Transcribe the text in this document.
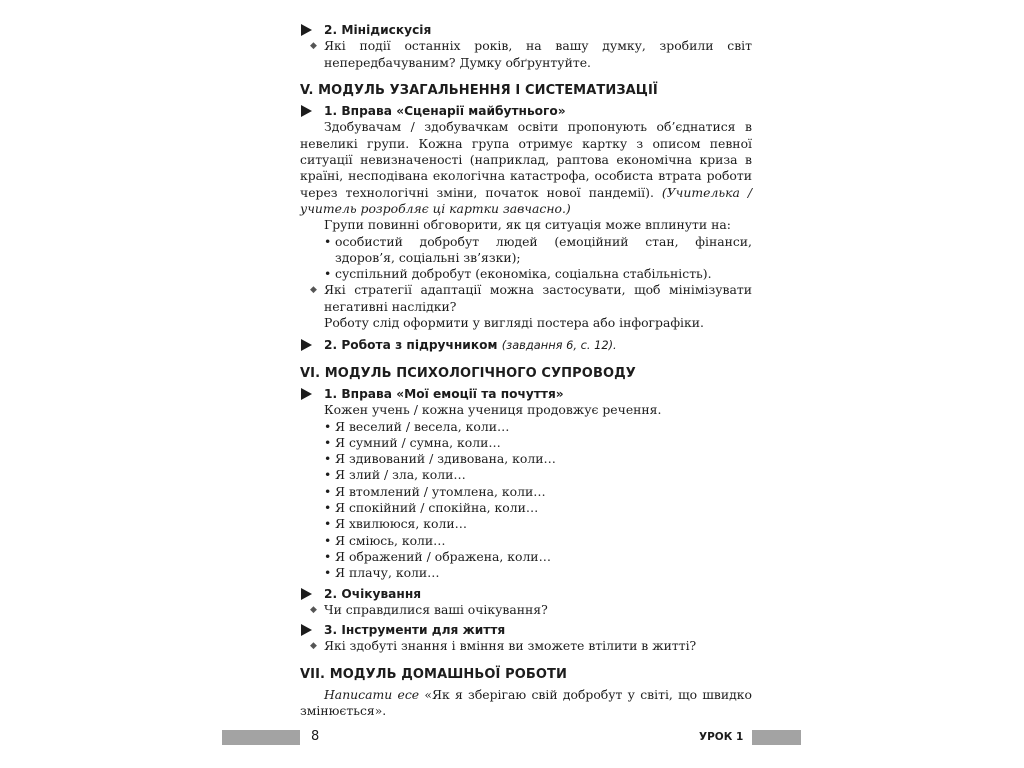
2. Мінідискусія
◆ Які події останніх років, на вашу думку, зробили світ непередбачуваним? Думку обґрунтуйте.
V. МОДУЛЬ УЗАГАЛЬНЕННЯ І СИСТЕМАТИЗАЦІЇ
1. Вправа «Сценарії майбутнього»
Здобувачам / здобувачкам освіти пропонують об’єднатися в невеликі групи. Кожна група отримує картку з описом певної ситуації невизначеності (наприклад, раптова економічна криза в країні, несподівана екологічна катастрофа, особиста втрата роботи через технологічні зміни, початок нової пандемії). (Учителька / учитель розробляє ці картки завчасно.)
Групи повинні обговорити, як ця ситуація може вплинути на:
• особистий добробут людей (емоційний стан, фінанси, здоров’я, соціальні зв’язки);
• суспільний добробут (економіка, соціальна стабільність).
◆ Які стратегії адаптації можна застосувати, щоб мінімізувати негативні наслідки?
Роботу слід оформити у вигляді постера або інфографіки.
2. Робота з підручником (завдання 6, с. 12).
VI. МОДУЛЬ ПСИХОЛОГІЧНОГО СУПРОВОДУ
1. Вправа «Мої емоції та почуття»
Кожен учень / кожна учениця продовжує речення.
• Я веселий / весела, коли…
• Я сумний / сумна, коли…
• Я здивований / здивована, коли…
• Я злий / зла, коли…
• Я втомлений / утомлена, коли…
• Я спокійний / спокійна, коли…
• Я хвилююся, коли…
• Я сміюсь, коли…
• Я ображений / ображена, коли…
• Я плачу, коли…
2. Очікування
◆ Чи справдилися ваші очікування?
3. Інструменти для життя
◆ Які здобуті знання і вміння ви зможете втілити в житті?
VII. МОДУЛЬ ДОМАШНЬОЇ РОБОТИ
Написати есе «Як я зберігаю свій добробут у світі, що швидко змінюється».
8	УРОК 1
